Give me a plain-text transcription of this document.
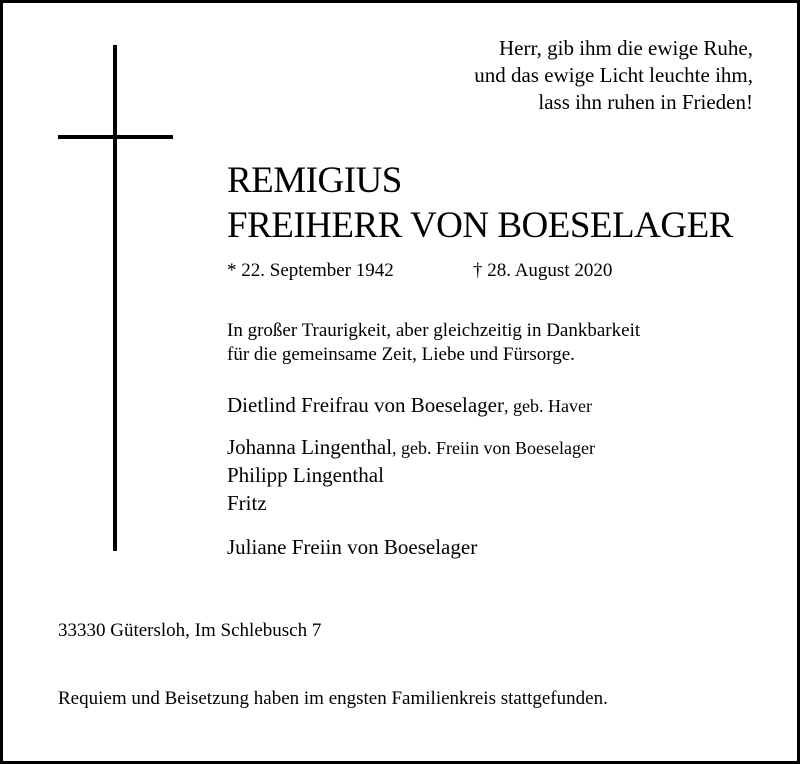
Herr, gib ihm die ewige Ruhe,
und das ewige Licht leuchte ihm,
lass ihn ruhen in Frieden!
REMIGIUS
FREIHERR VON BOESELAGER
* 22. September 1942	† 28. August 2020
In großer Traurigkeit, aber gleichzeitig in Dankbarkeit
für die gemeinsame Zeit, Liebe und Fürsorge.
Dietlind Freifrau von Boeselager, geb. Haver
Johanna Lingenthal, geb. Freiin von Boeselager
Philipp Lingenthal
Fritz
Juliane Freiin von Boeselager
33330 Gütersloh, Im Schlebusch 7
Requiem und Beisetzung haben im engsten Familienkreis stattgefunden.
